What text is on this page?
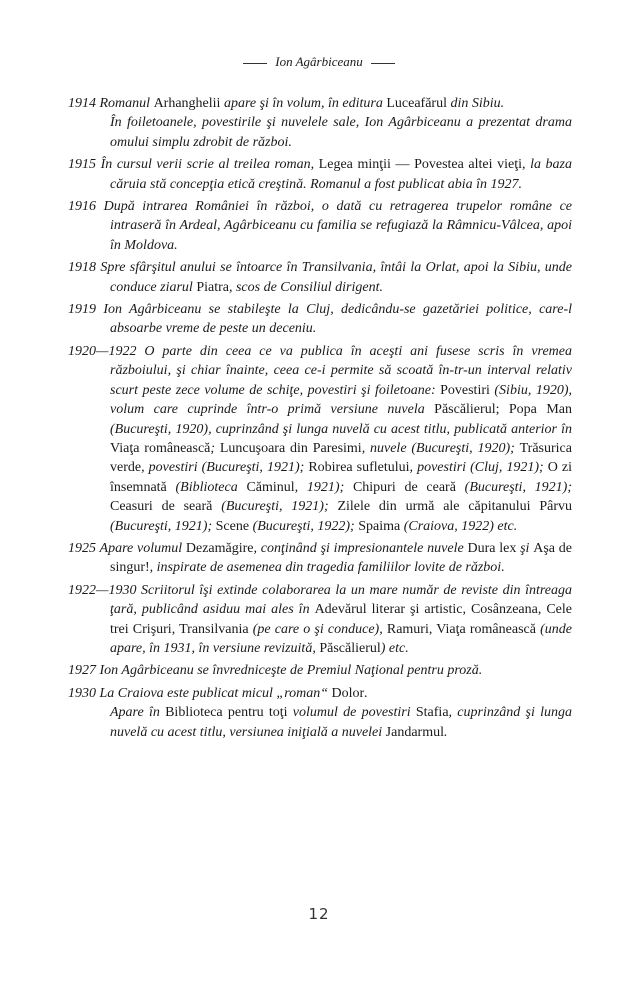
Ion Agârbiceanu
1914 Romanul Arhanghelii apare şi în volum, în editura Luceafărul din Sibiu.
În foiletoanele, povestirile şi nuvelele sale, Ion Agârbiceanu a prezentat drama omului simplu zdrobit de război.
1915 În cursul verii scrie al treilea roman, Legea minţii — Povestea altei vieţi, la baza căruia stă concepţia etică creştină. Romanul a fost publicat abia în 1927.
1916 După intrarea României în război, o dată cu retragerea trupelor române ce intraseră în Ardeal, Agârbiceanu cu familia se refugiază la Râmnicu-Vâlcea, apoi în Moldova.
1918 Spre sfârşitul anului se întoarce în Transilvania, întâi la Orlat, apoi la Sibiu, unde conduce ziarul Piatra, scos de Consiliul dirigent.
1919 Ion Agârbiceanu se stabileşte la Cluj, dedicându-se gazetăriei politice, care-l absoarbe vreme de peste un deceniu.
1920—1922 O parte din ceea ce va publica în aceşti ani fusese scris în vremea războiului, şi chiar înainte, ceea ce-i permite să scoată în-tr-un interval relativ scurt peste zece volume de schiţe, povestiri şi foiletoane: Povestiri (Sibiu, 1920), volum care cuprinde într-o primă versiune nuvela Păscălierul; Popa Man (Bucureşti, 1920), cuprinzând şi lunga nuvelă cu acest titlu, publicată anterior în Viaţa românească; Luncuşoara din Paresimi, nuvele (Bucureşti, 1920); Trăsurica verde, povestiri (Bucureşti, 1921); Robirea sufletului, povestiri (Cluj, 1921); O zi însemnată (Biblioteca Căminul, 1921); Chipuri de ceară (Bucureşti, 1921); Ceasuri de seară (Bucureşti, 1921); Zilele din urmă ale căpitanului Pârvu (Bucureşti, 1921); Scene (Bucureşti, 1922); Spaima (Craiova, 1922) etc.
1925 Apare volumul Dezamăgire, conţinând şi impresionantele nuvele Dura lex şi Aşa de singur!, inspirate de asemenea din tragedia familiilor lovite de război.
1922—1930 Scriitorul îşi extinde colaborarea la un mare număr de reviste din întreaga ţară, publicând asiduu mai ales în Adevărul literar şi artistic, Cosânzeana, Cele trei Crişuri, Transilvania (pe care o şi conduce), Ramuri, Viaţa românească (unde apare, în 1931, în versiune revizuită, Păscălierul) etc.
1927 Ion Agârbiceanu se învredniceşte de Premiul Naţional pentru proză.
1930 La Craiova este publicat micul „roman“ Dolor.
Apare în Biblioteca pentru toţi volumul de povestiri Stafia, cuprinzând şi lunga nuvelă cu acest titlu, versiunea iniţială a nuvelei Jandarmul.
12
